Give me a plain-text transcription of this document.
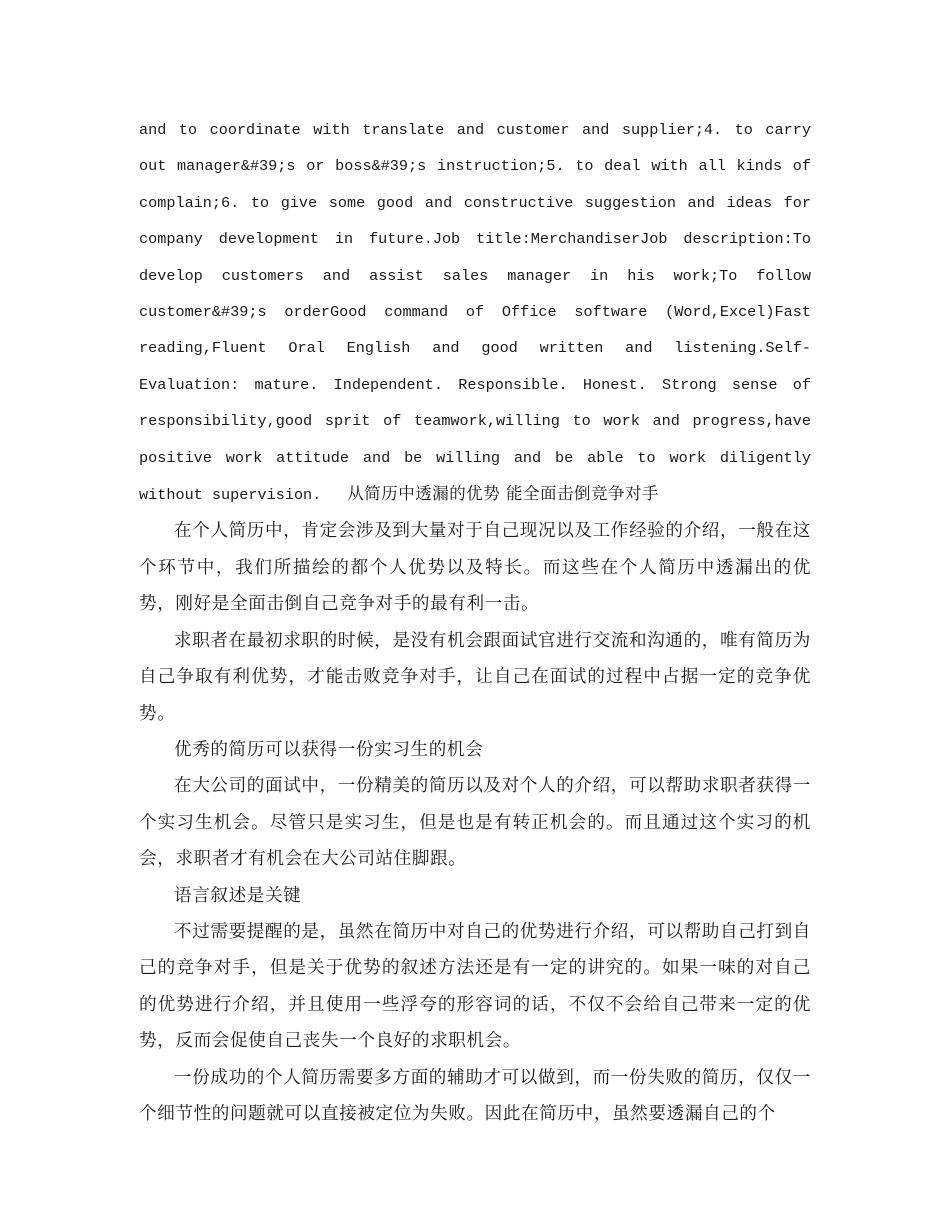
and to coordinate with translate and customer and supplier;4. to carry out manager&#39;s or boss&#39;s instruction;5. to deal with all kinds of complain;6. to give some good and constructive suggestion and ideas for company development in future.Job title:MerchandiserJob description:To develop customers and assist sales manager in his work;To follow customer&#39;s orderGood command of Office software (Word,Excel)Fast reading,Fluent Oral English and good written and listening.Self-Evaluation: mature. Independent. Responsible. Honest. Strong sense of responsibility,good sprit of teamwork,willing to work and progress,have positive work attitude and be willing and be able to work diligently without supervision. 从简历中透漏的优势 能全面击倒竞争对手

在个人简历中，肯定会涉及到大量对于自己现况以及工作经验的介绍，一般在这个环节中，我们所描绘的都个人优势以及特长。而这些在个人简历中透漏出的优势，刚好是全面击倒自己竞争对手的最有利一击。

求职者在最初求职的时候，是没有机会跟面试官进行交流和沟通的，唯有简历为自己争取有利优势，才能击败竞争对手，让自己在面试的过程中占据一定的竞争优势。

优秀的简历可以获得一份实习生的机会

在大公司的面试中，一份精美的简历以及对个人的介绍，可以帮助求职者获得一个实习生机会。尽管只是实习生，但是也是有转正机会的。而且通过这个实习的机会，求职者才有机会在大公司站住脚跟。

语言叙述是关键

不过需要提醒的是，虽然在简历中对自己的优势进行介绍，可以帮助自己打到自己的竞争对手，但是关于优势的叙述方法还是有一定的讲究的。如果一味的对自己的优势进行介绍，并且使用一些浮夸的形容词的话，不仅不会给自己带来一定的优势，反而会促使自己丧失一个良好的求职机会。

一份成功的个人简历需要多方面的辅助才可以做到，而一份失败的简历，仅仅一个细节性的问题就可以直接被定位为失败。因此在简历中，虽然要透漏自己的个
